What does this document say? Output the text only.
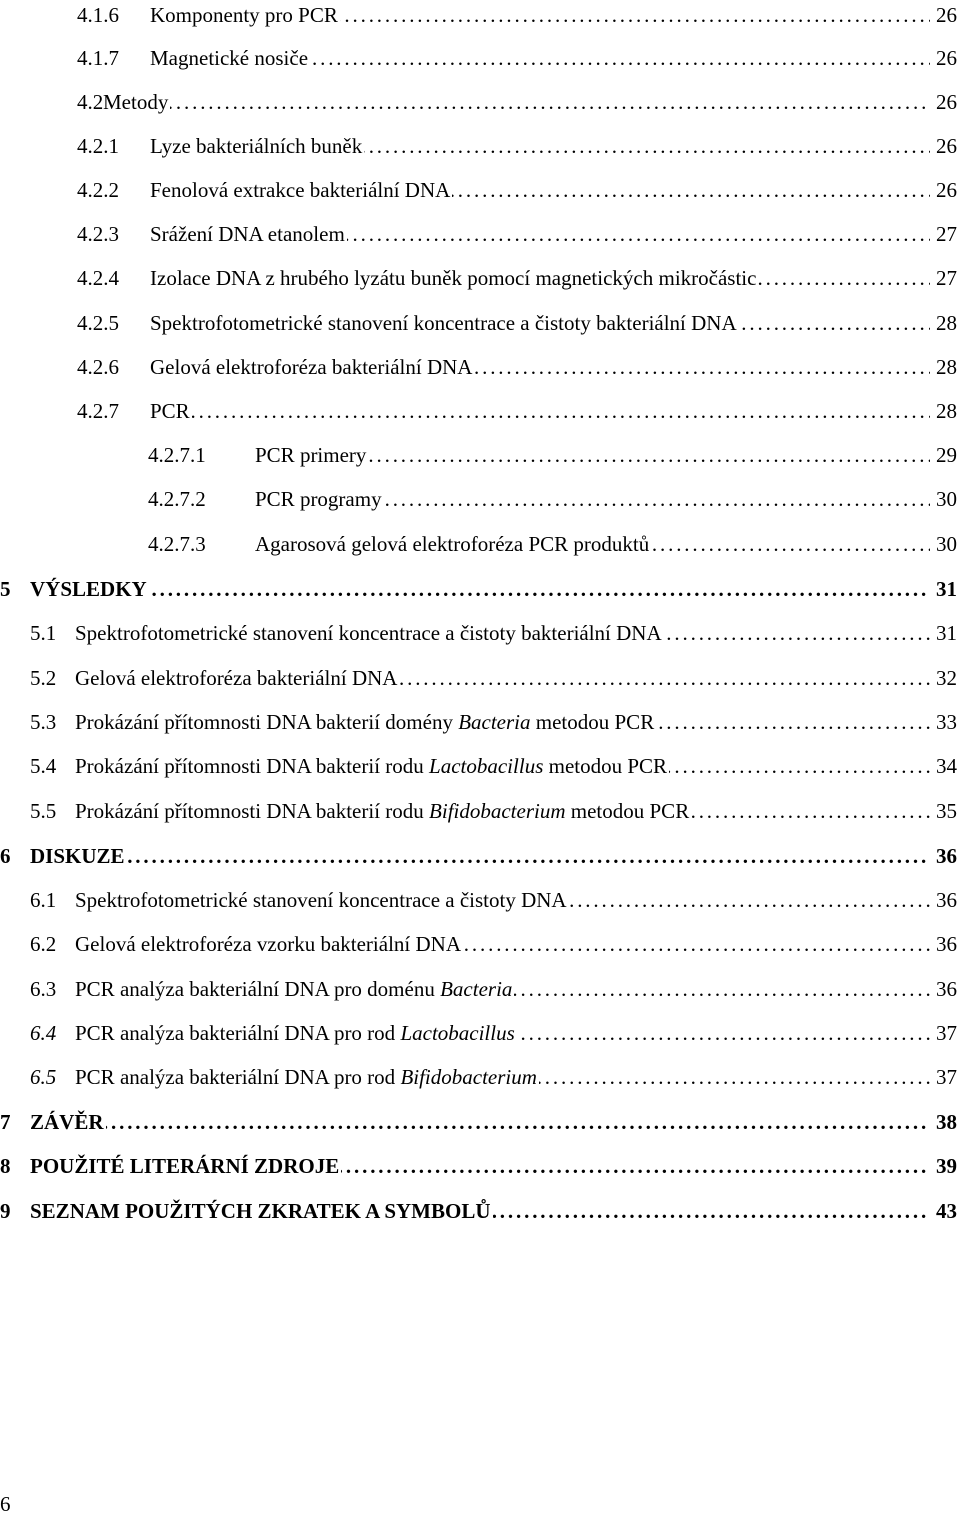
4.1.6 . . . Komponenty pro PCR	26
4.1.7 . . . Magnetické nosiče	26
4.2 . . . Metody	26
4.2.1 . . . Lyze bakteriálních buněk	26
4.2.2 . . . Fenolová extrakce bakteriální DNA	26
4.2.3 . . . Srážení DNA etanolem	27
4.2.4 . . . Izolace DNA z hrubého lyzátu buněk pomocí magnetických mikročástic	27
4.2.5 . . . Spektrofotometrické stanovení koncentrace a čistoty bakteriální DNA	28
4.2.6 . . . Gelová elektroforéza bakteriální DNA	28
4.2.7 . . . PCR	28
4.2.7.1 . . . PCR primery	29
4.2.7.2 . . . PCR programy	30
4.2.7.3 . . . Agarosová gelová elektroforéza PCR produktů	30
5 . . . VÝSLEDKY	31
5.1 . . . Spektrofotometrické stanovení koncentrace a čistoty bakteriální DNA	31
5.2 . . . Gelová elektroforéza bakteriální DNA	32
5.3 . . . Prokázání přítomnosti DNA bakterií domény Bacteria metodou PCR	33
5.4 . . . Prokázání přítomnosti DNA bakterií rodu Lactobacillus metodou PCR	34
5.5 . . . Prokázání přítomnosti DNA bakterií rodu Bifidobacterium metodou PCR	35
6 . . . DISKUZE	36
6.1 . . . Spektrofotometrické stanovení koncentrace a čistoty DNA	36
6.2 . . . Gelová elektroforéza vzorku bakteriální DNA	36
6.3 . . . PCR analýza bakteriální DNA pro doménu Bacteria	36
6.4 . . . PCR analýza bakteriální DNA pro rod Lactobacillus	37
6.5 . . . PCR analýza bakteriální DNA pro rod Bifidobacterium	37
7 . . . ZÁVĚR	38
8 . . . POUŽITÉ LITERÁRNÍ ZDROJE	39
9 . . . SEZNAM POUŽITÝCH ZKRATEK A SYMBOLŮ	43
6
